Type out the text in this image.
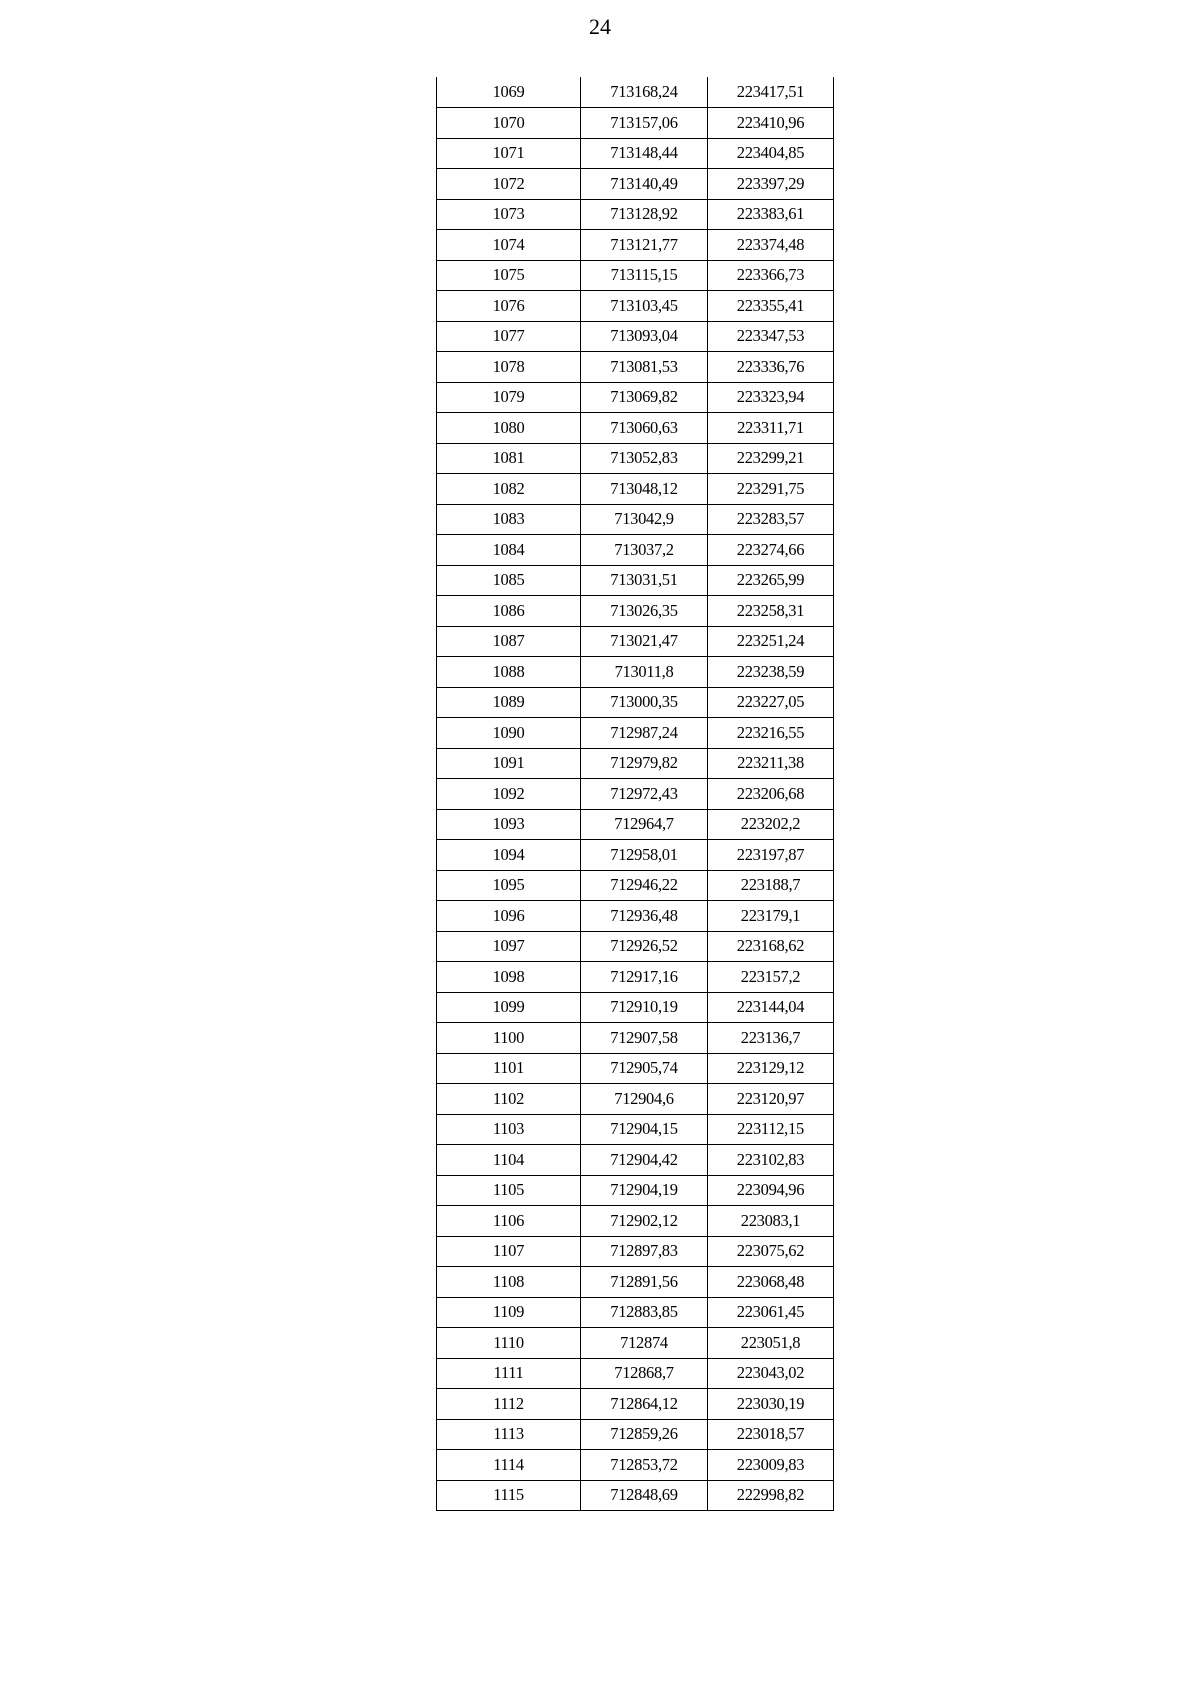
24
1069	713168,24	223417,51
1070	713157,06	223410,96
1071	713148,44	223404,85
1072	713140,49	223397,29
1073	713128,92	223383,61
1074	713121,77	223374,48
1075	713115,15	223366,73
1076	713103,45	223355,41
1077	713093,04	223347,53
1078	713081,53	223336,76
1079	713069,82	223323,94
1080	713060,63	223311,71
1081	713052,83	223299,21
1082	713048,12	223291,75
1083	713042,9	223283,57
1084	713037,2	223274,66
1085	713031,51	223265,99
1086	713026,35	223258,31
1087	713021,47	223251,24
1088	713011,8	223238,59
1089	713000,35	223227,05
1090	712987,24	223216,55
1091	712979,82	223211,38
1092	712972,43	223206,68
1093	712964,7	223202,2
1094	712958,01	223197,87
1095	712946,22	223188,7
1096	712936,48	223179,1
1097	712926,52	223168,62
1098	712917,16	223157,2
1099	712910,19	223144,04
1100	712907,58	223136,7
1101	712905,74	223129,12
1102	712904,6	223120,97
1103	712904,15	223112,15
1104	712904,42	223102,83
1105	712904,19	223094,96
1106	712902,12	223083,1
1107	712897,83	223075,62
1108	712891,56	223068,48
1109	712883,85	223061,45
1110	712874	223051,8
1111	712868,7	223043,02
1112	712864,12	223030,19
1113	712859,26	223018,57
1114	712853,72	223009,83
1115	712848,69	222998,82
